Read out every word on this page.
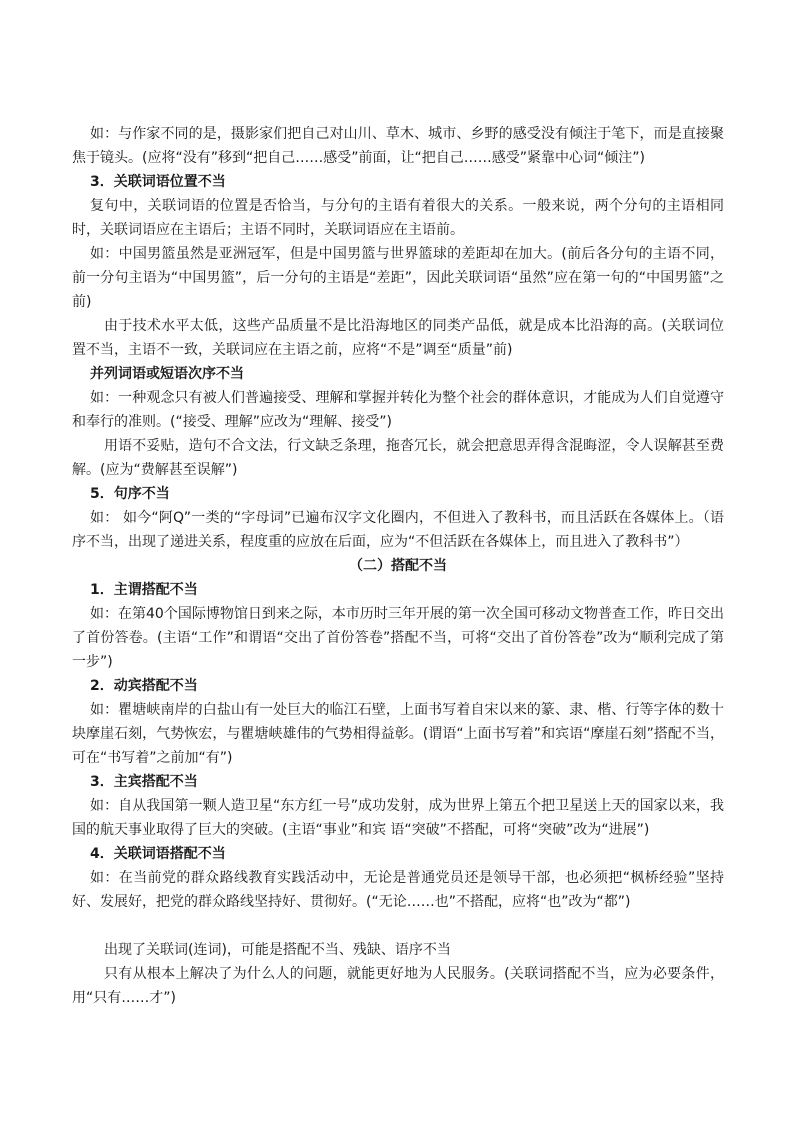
如：与作家不同的是，摄影家们把自己对山川、草木、城市、乡野的感受没有倾注于笔下，而是直接聚焦于镜头。(应将“没有”移到“把自己……感受”前面，让“把自己……感受”紧靠中心词“倾注”)

3．关联词语位置不当

复句中，关联词语的位置是否恰当，与分句的主语有着很大的关系。一般来说，两个分句的主语相同时，关联词语应在主语后；主语不同时，关联词语应在主语前。

如：中国男篮虽然是亚洲冠军，但是中国男篮与世界篮球的差距却在加大。(前后各分句的主语不同，前一分句主语为“中国男篮”，后一分句的主语是“差距”，因此关联词语“虽然”应在第一句的“中国男篮”之前)

由于技术水平太低，这些产品质量不是比沿海地区的同类产品低，就是成本比沿海的高。(关联词位置不当，主语不一致，关联词应在主语之前，应将“不是”调至“质量”前)

并列词语或短语次序不当

如：一种观念只有被人们普遍接受、理解和掌握并转化为整个社会的群体意识，才能成为人们自觉遵守和奉行的准则。(“接受、理解”应改为“理解、接受”)

用语不妥贴，造句不合文法，行文缺乏条理，拖沓冗长，就会把意思弄得含混晦涩，令人误解甚至费解。(应为“费解甚至误解”)

5．句序不当

如： 如今“阿Q”一类的“字母词”已遍布汉字文化圈内，不但进入了教科书，而且活跃在各媒体上。（语序不当，出现了递进关系，程度重的应放在后面，应为“不但活跃在各媒体上，而且进入了教科书”）

（二）搭配不当

1．主谓搭配不当

如：在第40个国际博物馆日到来之际，本市历时三年开展的第一次全国可移动文物普查工作，昨日交出了首份答卷。(主语“工作”和谓语“交出了首份答卷”搭配不当，可将“交出了首份答卷”改为“顺利完成了第一步”)

2．动宾搭配不当

如：瞿塘峡南岸的白盐山有一处巨大的临江石壁，上面书写着自宋以来的篆、隶、楷、行等字体的数十块摩崖石刻，气势恢宏，与瞿塘峡雄伟的气势相得益彰。(谓语“上面书写着”和宾语“摩崖石刻”搭配不当，可在“书写着”之前加“有”)

3．主宾搭配不当

如：自从我国第一颗人造卫星“东方红一号”成功发射，成为世界上第五个把卫星送上天的国家以来，我国的航天事业取得了巨大的突破。(主语“事业”和宾 语“突破”不搭配，可将“突破”改为“进展”)

4．关联词语搭配不当

如：在当前党的群众路线教育实践活动中，无论是普通党员还是领导干部，也必须把“枫桥经验”坚持好、发展好，把党的群众路线坚持好、贯彻好。(“无论……也”不搭配，应将“也”改为“都”)

出现了关联词(连词)，可能是搭配不当、残缺、语序不当

只有从根本上解决了为什么人的问题，就能更好地为人民服务。(关联词搭配不当，应为必要条件，用“只有……才”)
